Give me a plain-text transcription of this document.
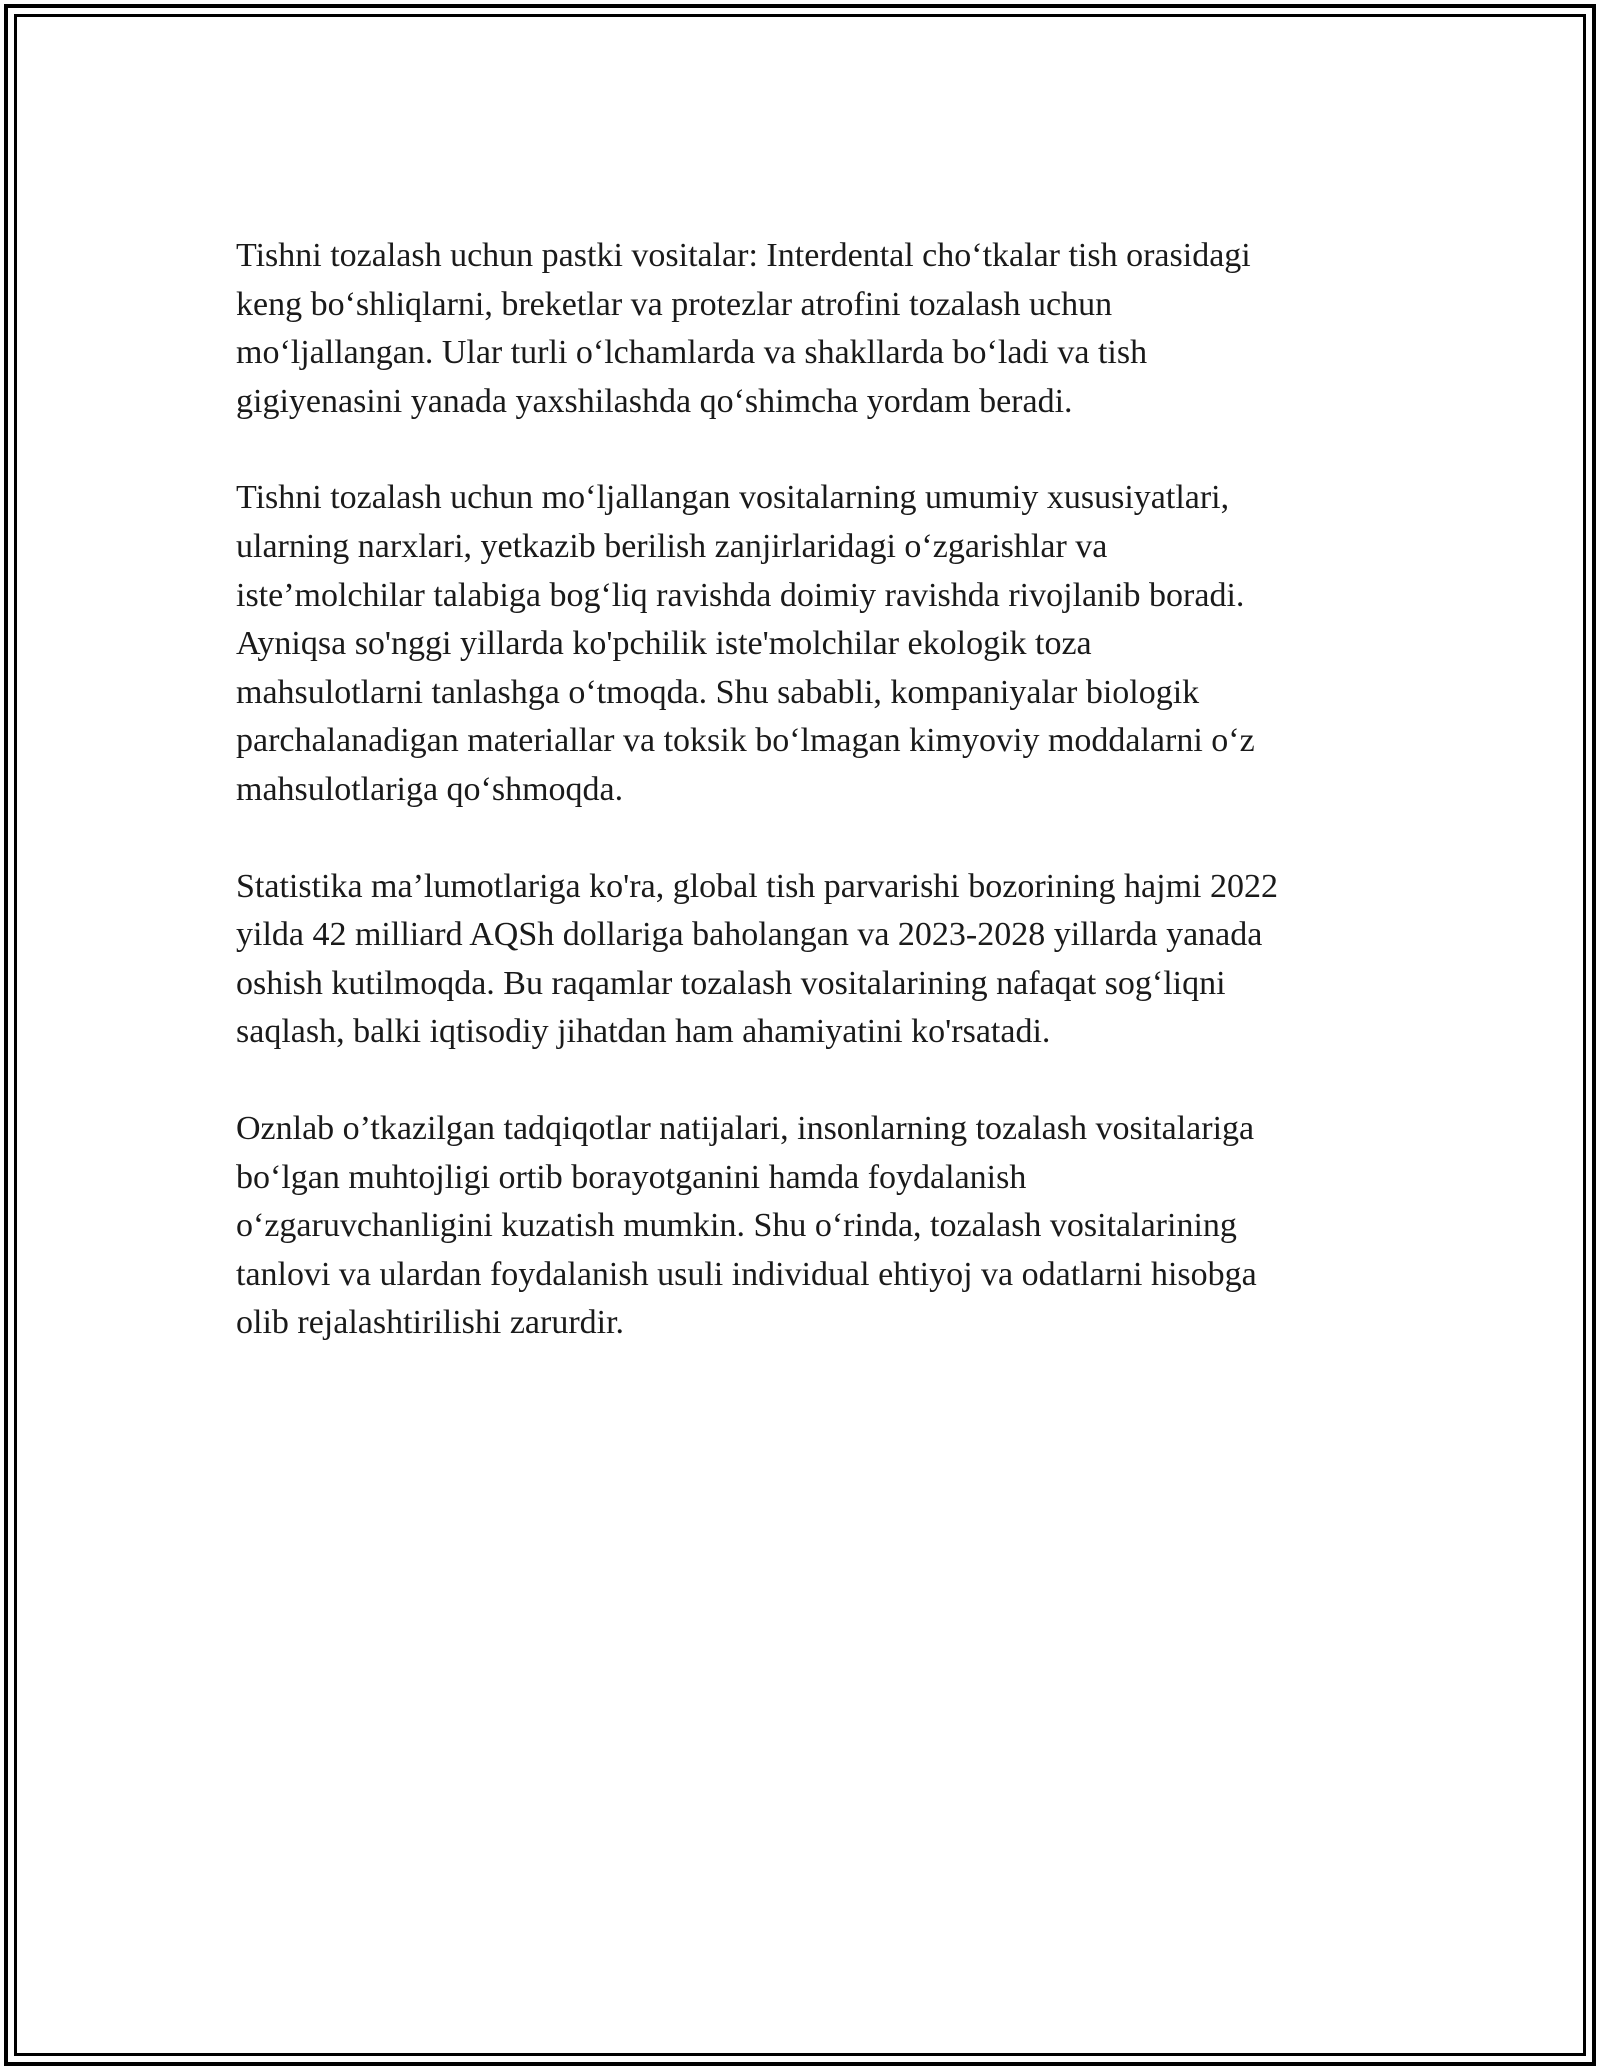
Tishni tozalash uchun pastki vositalar: Interdental cho‘tkalar tish orasidagi
keng bo‘shliqlarni, breketlar va protezlar atrofini tozalash uchun
mo‘ljallangan. Ular turli o‘lchamlarda va shakllarda bo‘ladi va tish
gigiyenasini yanada yaxshilashda qo‘shimcha yordam beradi.

Tishni tozalash uchun mo‘ljallangan vositalarning umumiy xususiyatlari,
ularning narxlari, yetkazib berilish zanjirlaridagi o‘zgarishlar va
iste’molchilar talabiga bog‘liq ravishda doimiy ravishda rivojlanib boradi.
Ayniqsa so'nggi yillarda ko'pchilik iste'molchilar ekologik toza
mahsulotlarni tanlashga o‘tmoqda. Shu sababli, kompaniyalar biologik
parchalanadigan materiallar va toksik bo‘lmagan kimyoviy moddalarni o‘z
mahsulotlariga qo‘shmoqda.

Statistika ma’lumotlariga ko'ra, global tish parvarishi bozorining hajmi 2022
yilda 42 milliard AQSh dollariga baholangan va 2023-2028 yillarda yanada
oshish kutilmoqda. Bu raqamlar tozalash vositalarining nafaqat sog‘liqni
saqlash, balki iqtisodiy jihatdan ham ahamiyatini ko'rsatadi.

Oznlab o’tkazilgan tadqiqotlar natijalari, insonlarning tozalash vositalariga
bo‘lgan muhtojligi ortib borayotganini hamda foydalanish
o‘zgaruvchanligini kuzatish mumkin. Shu o‘rinda, tozalash vositalarining
tanlovi va ulardan foydalanish usuli individual ehtiyoj va odatlarni hisobga
olib rejalashtirilishi zarurdir.
